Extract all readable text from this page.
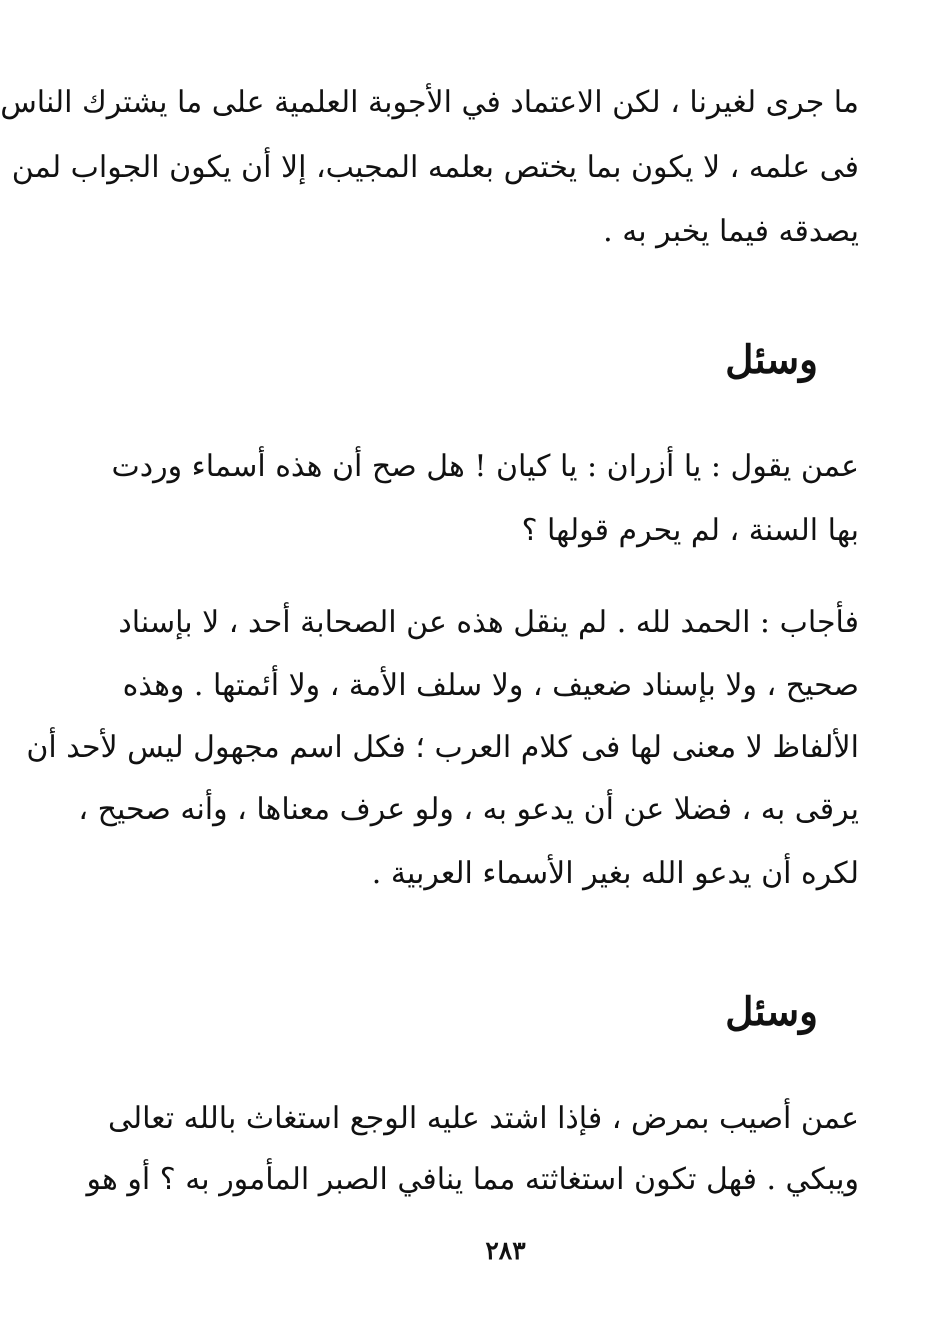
ما جرى لغيرنا ، لكن الاعتماد في الأجوبة العلمية على ما يشترك الناس
فى علمه ، لا يكون بما يختص بعلمه المجيب، إلا أن يكون الجواب لمن
يصدقه فيما يخبر به .
وسئل
عمن يقول : يا أزران : يا كيان ! هل صح أن هذه أسماء وردت
بها السنة ، لم يحرم قولها ؟
فأجاب : الحمد لله . لم ينقل هذه عن الصحابة أحد ، لا بإسناد
صحيح ، ولا بإسناد ضعيف ، ولا سلف الأمة ، ولا أئمتها . وهذه
الألفاظ لا معنى لها فى كلام العرب ؛ فكل اسم مجهول ليس لأحد أن
يرقى به ، فضلا عن أن يدعو به ، ولو عرف معناها ، وأنه صحيح ،
لكره أن يدعو الله بغير الأسماء العربية .
وسئل
عمن أصيب بمرض ، فإذا اشتد عليه الوجع استغاث بالله تعالى
ويبكي . فهل تكون استغاثته مما ينافي الصبر المأمور به ؟ أو هو
٢٨٣
